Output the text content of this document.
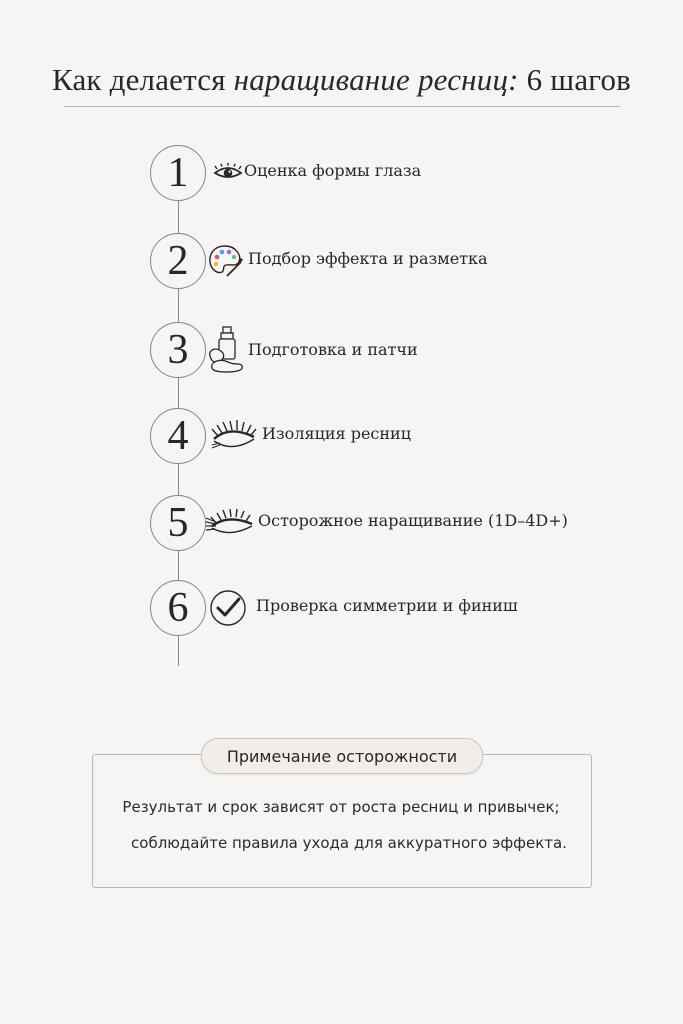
Как делается наращивание ресниц: 6 шагов
1	Оценка формы глаза
2	Подбор эффекта и разметка
3	Подготовка и патчи
4	Изоляция ресниц
5	Осторожное наращивание (1D–4D+)
6	Проверка симметрии и финиш
Примечание осторожности
Результат и срок зависят от роста ресниц и привычек;
соблюдайте правила ухода для аккуратного эффекта.
